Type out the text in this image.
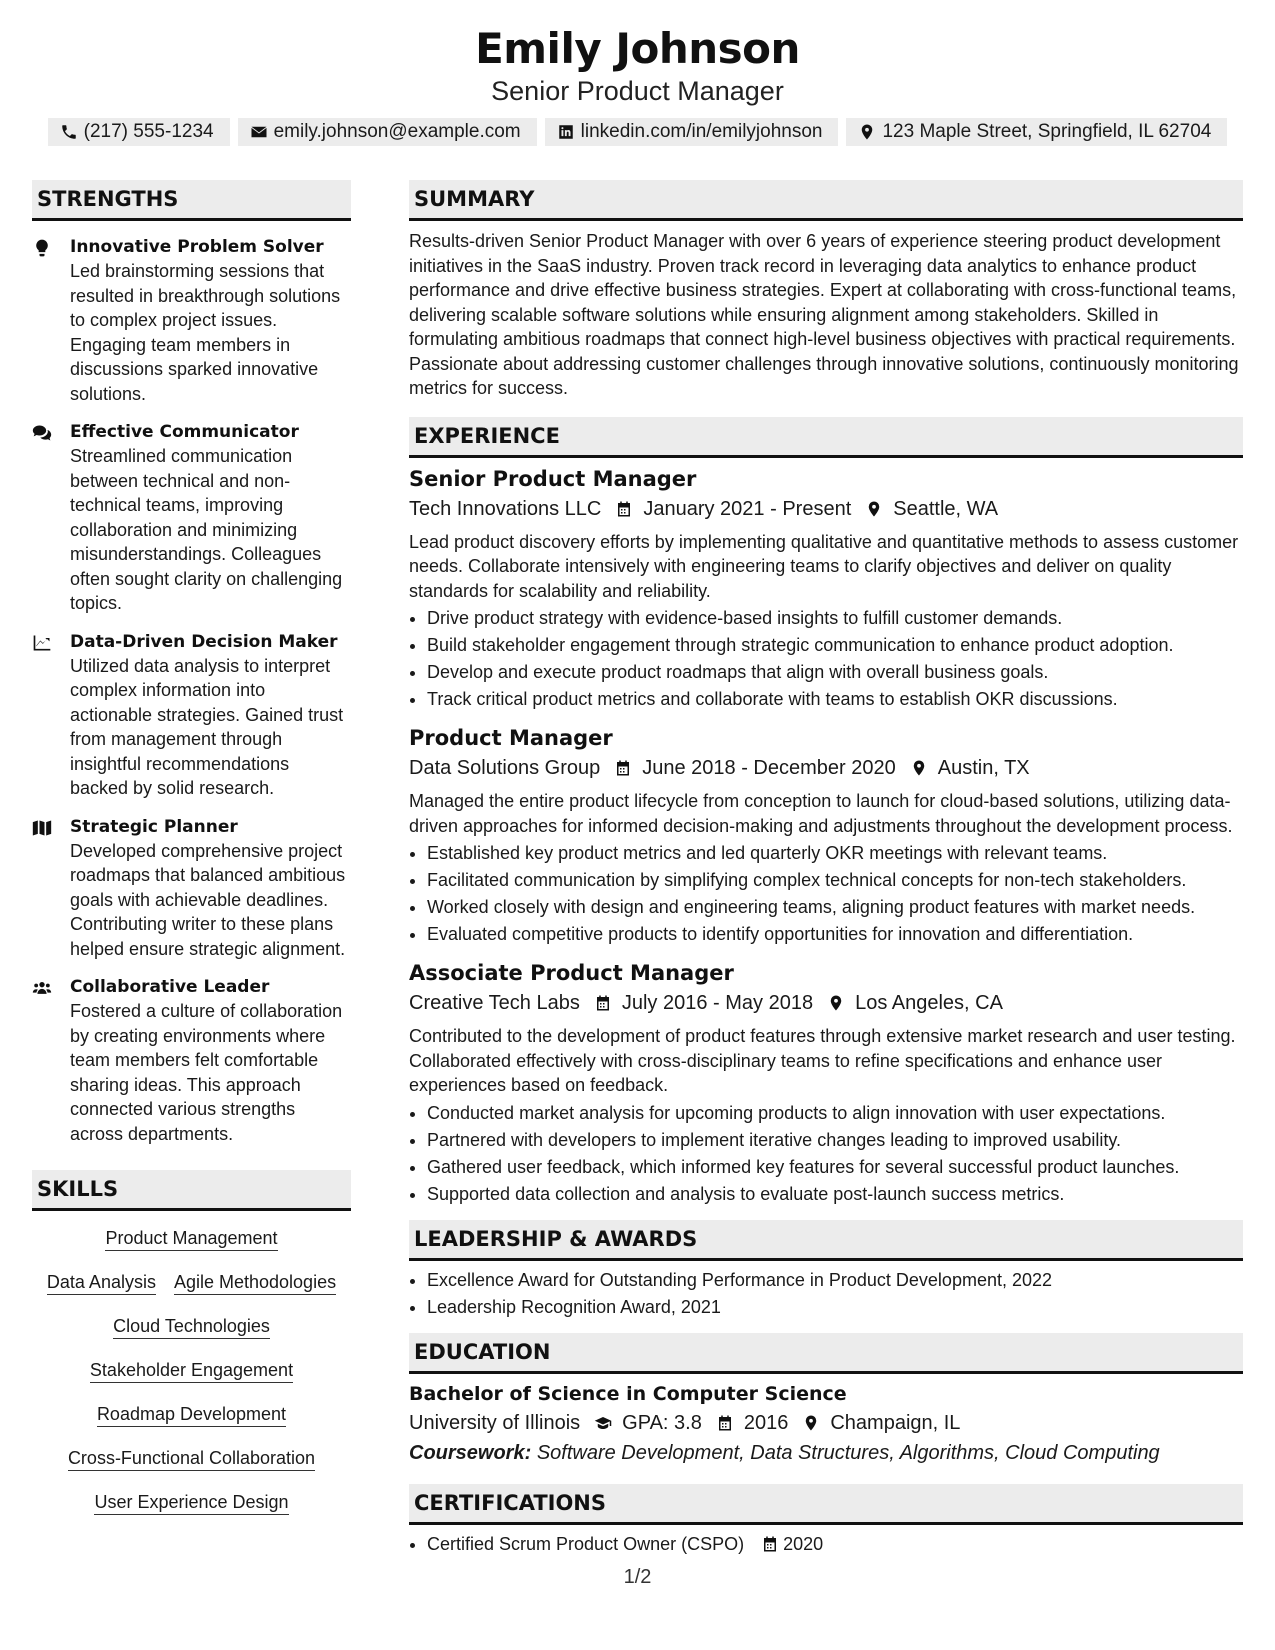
Emily Johnson
Senior Product Manager
(217) 555-1234	emily.johnson@example.com	linkedin.com/in/emilyjohnson	123 Maple Street, Springfield, IL 62704
STRENGTHS
Innovative Problem Solver
Led brainstorming sessions that resulted in breakthrough solutions to complex project issues. Engaging team members in discussions sparked innovative solutions.
Effective Communicator
Streamlined communication between technical and non-technical teams, improving collaboration and minimizing misunderstandings. Colleagues often sought clarity on challenging topics.
Data-Driven Decision Maker
Utilized data analysis to interpret complex information into actionable strategies. Gained trust from management through insightful recommendations backed by solid research.
Strategic Planner
Developed comprehensive project roadmaps that balanced ambitious goals with achievable deadlines. Contributing writer to these plans helped ensure strategic alignment.
Collaborative Leader
Fostered a culture of collaboration by creating environments where team members felt comfortable sharing ideas. This approach connected various strengths across departments.
SKILLS
Product Management
Data Analysis Agile Methodologies
Cloud Technologies
Stakeholder Engagement
Roadmap Development
Cross-Functional Collaboration
User Experience Design
SUMMARY
Results-driven Senior Product Manager with over 6 years of experience steering product development initiatives in the SaaS industry. Proven track record in leveraging data analytics to enhance product performance and drive effective business strategies. Expert at collaborating with cross-functional teams, delivering scalable software solutions while ensuring alignment among stakeholders. Skilled in formulating ambitious roadmaps that connect high-level business objectives with practical requirements. Passionate about addressing customer challenges through innovative solutions, continuously monitoring metrics for success.
EXPERIENCE
Senior Product Manager
Tech Innovations LLC January 2021 - Present Seattle, WA
Lead product discovery efforts by implementing qualitative and quantitative methods to assess customer needs. Collaborate intensively with engineering teams to clarify objectives and deliver on quality standards for scalability and reliability.
• Drive product strategy with evidence-based insights to fulfill customer demands.
• Build stakeholder engagement through strategic communication to enhance product adoption.
• Develop and execute product roadmaps that align with overall business goals.
• Track critical product metrics and collaborate with teams to establish OKR discussions.
Product Manager
Data Solutions Group June 2018 - December 2020 Austin, TX
Managed the entire product lifecycle from conception to launch for cloud-based solutions, utilizing data-driven approaches for informed decision-making and adjustments throughout the development process.
• Established key product metrics and led quarterly OKR meetings with relevant teams.
• Facilitated communication by simplifying complex technical concepts for non-tech stakeholders.
• Worked closely with design and engineering teams, aligning product features with market needs.
• Evaluated competitive products to identify opportunities for innovation and differentiation.
Associate Product Manager
Creative Tech Labs July 2016 - May 2018 Los Angeles, CA
Contributed to the development of product features through extensive market research and user testing. Collaborated effectively with cross-disciplinary teams to refine specifications and enhance user experiences based on feedback.
• Conducted market analysis for upcoming products to align innovation with user expectations.
• Partnered with developers to implement iterative changes leading to improved usability.
• Gathered user feedback, which informed key features for several successful product launches.
• Supported data collection and analysis to evaluate post-launch success metrics.
LEADERSHIP & AWARDS
• Excellence Award for Outstanding Performance in Product Development, 2022
• Leadership Recognition Award, 2021
EDUCATION
Bachelor of Science in Computer Science
University of Illinois GPA: 3.8 2016 Champaign, IL
Coursework: Software Development, Data Structures, Algorithms, Cloud Computing
CERTIFICATIONS
• Certified Scrum Product Owner (CSPO) 2020
1/2
